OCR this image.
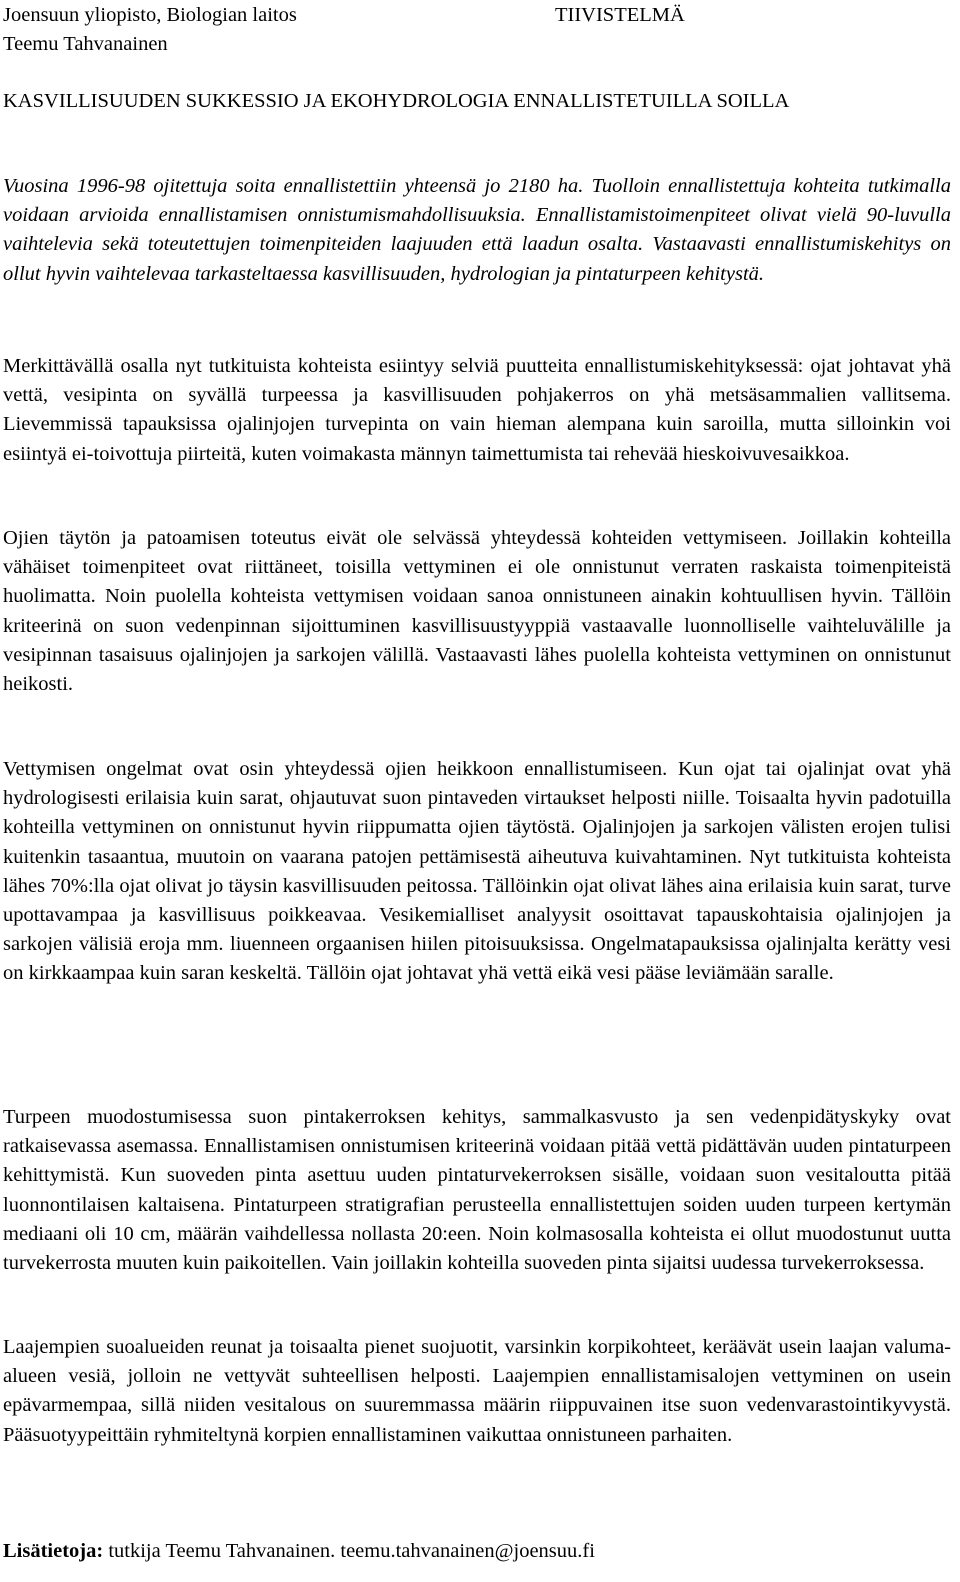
Joensuun yliopisto, Biologian laitos	TIIVISTELMÄ
Teemu Tahvanainen
KASVILLISUUDEN SUKKESSIO JA EKOHYDROLOGIA ENNALLISTETUILLA SOILLA
Vuosina 1996-98 ojitettuja soita ennallistettiin yhteensä jo 2180 ha. Tuolloin ennallistettuja kohteita tutkimalla voidaan arvioida ennallistamisen onnistumismahdollisuuksia. Ennallistamistoimenpiteet olivat vielä 90-luvulla vaihtelevia sekä toteutettujen toimenpiteiden laajuuden että laadun osalta. Vastaavasti ennallistumiskehitys on ollut hyvin vaihtelevaa tarkasteltaessa kasvillisuuden, hydrologian ja pintaturpeen kehitystä.
Merkittävällä osalla nyt tutkituista kohteista esiintyy selviä puutteita ennallistumiskehityksessä: ojat johtavat yhä vettä, vesipinta on syvällä turpeessa ja kasvillisuuden pohjakerros on yhä metsäsammalien vallitsema. Lievemmissä tapauksissa ojalinjojen turvepinta on vain hieman alempana kuin saroilla, mutta silloinkin voi esiintyä ei-toivottuja piirteitä, kuten voimakasta männyn taimettumista tai rehevää hieskoivuvesaikkoa.
Ojien täytön ja patoamisen toteutus eivät ole selvässä yhteydessä kohteiden vettymiseen. Joillakin kohteilla vähäiset toimenpiteet ovat riittäneet, toisilla vettyminen ei ole onnistunut verraten raskaista toimenpiteistä huolimatta. Noin puolella kohteista vettymisen voidaan sanoa onnistuneen ainakin kohtuullisen hyvin. Tällöin kriteerinä on suon vedenpinnan sijoittuminen kasvillisuustyyppiä vastaavalle luonnolliselle vaihteluvälille ja vesipinnan tasaisuus ojalinjojen ja sarkojen välillä. Vastaavasti lähes puolella kohteista vettyminen on onnistunut heikosti.
Vettymisen ongelmat ovat osin yhteydessä ojien heikkoon ennallistumiseen. Kun ojat tai ojalinjat ovat yhä hydrologisesti erilaisia kuin sarat, ohjautuvat suon pintaveden virtaukset helposti niille. Toisaalta hyvin padotuilla kohteilla vettyminen on onnistunut hyvin riippumatta ojien täytöstä. Ojalinjojen ja sarkojen välisten erojen tulisi kuitenkin tasaantua, muutoin on vaarana patojen pettämisestä aiheutuva kuivahtaminen. Nyt tutkituista kohteista lähes 70%:lla ojat olivat jo täysin kasvillisuuden peitossa. Tällöinkin ojat olivat lähes aina erilaisia kuin sarat, turve upottavampaa ja kasvillisuus poikkeavaa. Vesikemialliset analyysit osoittavat tapauskohtaisia ojalinjojen ja sarkojen välisiä eroja mm. liuenneen orgaanisen hiilen pitoisuuksissa. Ongelmatapauksissa ojalinjalta kerätty vesi on kirkkaampaa kuin saran keskeltä. Tällöin ojat johtavat yhä vettä eikä vesi pääse leviämään saralle.
Turpeen muodostumisessa suon pintakerroksen kehitys, sammalkasvusto ja sen vedenpidätyskyky ovat ratkaisevassa asemassa. Ennallistamisen onnistumisen kriteerinä voidaan pitää vettä pidättävän uuden pintaturpeen kehittymistä. Kun suoveden pinta asettuu uuden pintaturvekerroksen sisälle, voidaan suon vesitaloutta pitää luonnontilaisen kaltaisena. Pintaturpeen stratigrafian perusteella ennallistettujen soiden uuden turpeen kertymän mediaani oli 10 cm, määrän vaihdellessa nollasta 20:een. Noin kolmasosalla kohteista ei ollut muodostunut uutta turvekerrosta muuten kuin paikoitellen. Vain joillakin kohteilla suoveden pinta sijaitsi uudessa turvekerroksessa.
Laajempien suoalueiden reunat ja toisaalta pienet suojuotit, varsinkin korpikohteet, keräävät usein laajan valuma-alueen vesiä, jolloin ne vettyvät suhteellisen helposti. Laajempien ennallistamisalojen vettyminen on usein epävarmempaa, sillä niiden vesitalous on suuremmassa määrin riippuvainen itse suon vedenvarastointikyvystä. Pääsuotyypeittäin ryhmiteltynä korpien ennallistaminen vaikuttaa onnistuneen parhaiten.
Lisätietoja: tutkija Teemu Tahvanainen. teemu.tahvanainen@joensuu.fi
